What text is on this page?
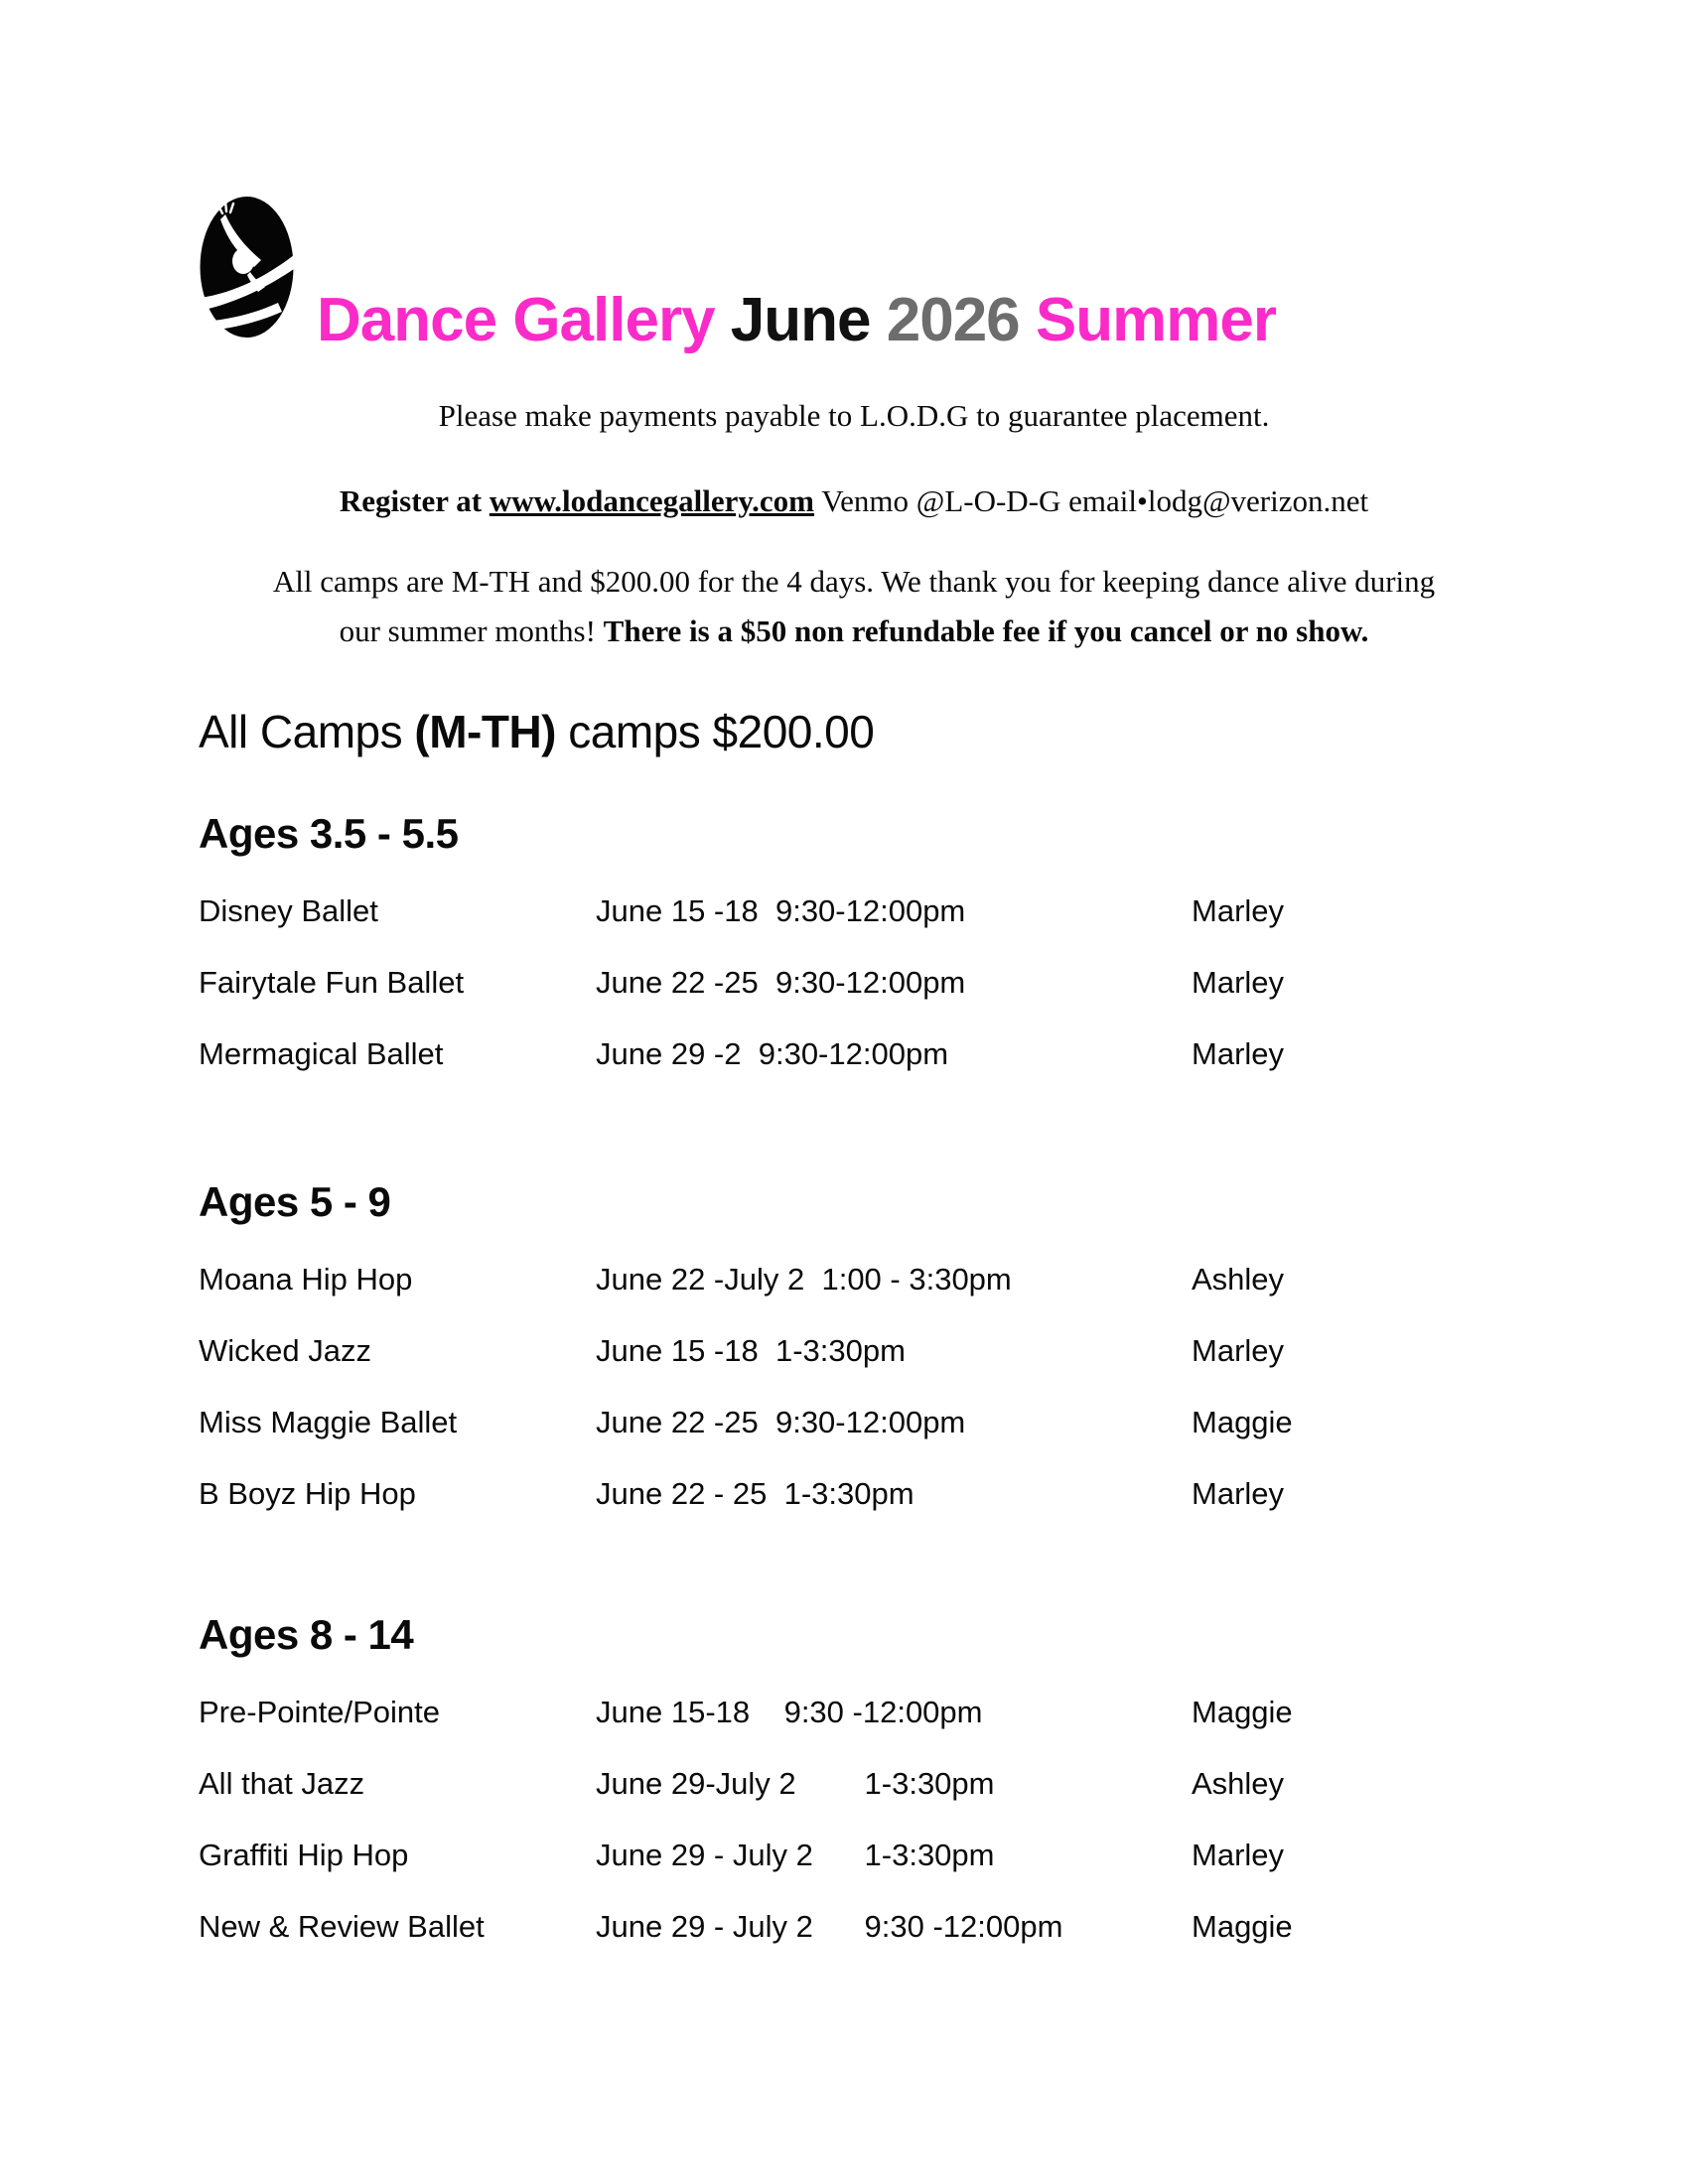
Dance Gallery June 2026 Summer

Please make payments payable to L.O.D.G to guarantee placement.

Register at www.lodancegallery.com Venmo @L-O-D-G email•lodg@verizon.net

All camps are M-TH and $200.00 for the 4 days. We thank you for keeping dance alive during
our summer months! There is a $50 non refundable fee if you cancel or no show.

All Camps (M-TH) camps $200.00
Ages 3.5 - 5.5
Disney Ballet	June 15 -18  9:30-12:00pm	Marley
Fairytale Fun Ballet	June 22 -25  9:30-12:00pm	Marley
Mermagical Ballet	June 29 -2  9:30-12:00pm	Marley
Ages 5 - 9
Moana Hip Hop	June 22 -July 2  1:00 - 3:30pm	Ashley
Wicked Jazz	June 15 -18  1-3:30pm	Marley
Miss Maggie Ballet	June 22 -25  9:30-12:00pm	Maggie
B Boyz Hip Hop	June 22 - 25  1-3:30pm	Marley
Ages 8 - 14
Pre-Pointe/Pointe	June 15-18    9:30 -12:00pm	Maggie
All that Jazz	June 29-July 2        1-3:30pm	Ashley
Graffiti Hip Hop	June 29 - July 2      1-3:30pm	Marley
New & Review Ballet	June 29 - July 2      9:30 -12:00pm	Maggie
